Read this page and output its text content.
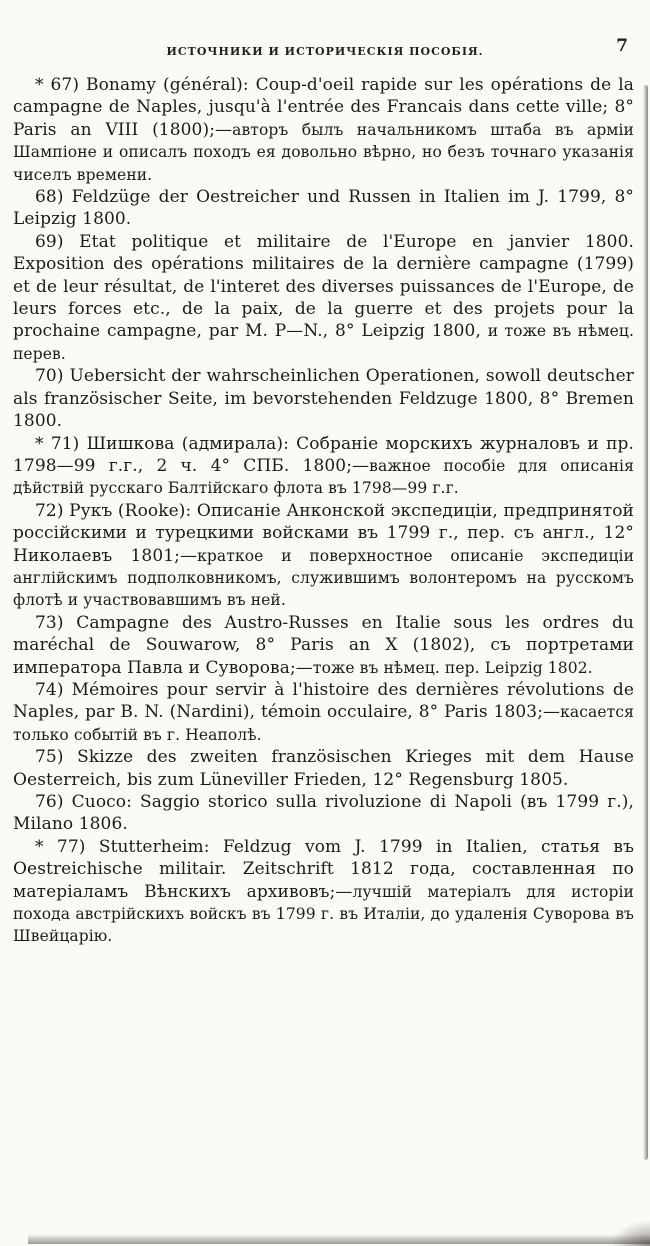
ИСТОЧНИКИ И ИСТОРИЧЕСКІЯ ПОСОБІЯ.	7

* 67) Bonamy (général): Coup-d'oeil rapide sur les opérations de la campagne de Naples, jusqu'à l'entrée des Francais dans cette ville; 8° Paris an VIII (1800);—авторъ былъ начальникомъ штаба въ арміи Шампіоне и описалъ походъ ея довольно вѣрно, но безъ точнаго указанія чиселъ времени.

68) Feldzüge der Oestreicher und Russen in Italien im J. 1799, 8° Leipzig 1800.

69) Etat politique et militaire de l'Europe en janvier 1800. Exposition des opérations militaires de la dernière campagne (1799) et de leur résultat, de l'interet des diverses puissances de l'Europe, de leurs forces etc., de la paix, de la guerre et des projets pour la prochaine campagne, par M. P—N., 8° Leipzig 1800, и тоже въ нѣмец. перев.

70) Uebersicht der wahrscheinlichen Operationen, sowoll deutscher als französischer Seite, im bevorstehenden Feldzuge 1800, 8° Bremen 1800.

* 71) Шишкова (адмирала): Собраніе морскихъ журналовъ и пр. 1798—99 г.г., 2 ч. 4° СПБ. 1800;—важное пособіе для описанія дѣйствій русскаго Балтійскаго флота въ 1798—99 г.г.

72) Рукъ (Rooke): Описаніе Анконской экспедиціи, предпринятой россійскими и турецкими войсками въ 1799 г., пер. съ англ., 12° Николаевъ 1801;—краткое и поверхностное описаніе экспедиціи англійскимъ подполковникомъ, служившимъ волонтеромъ на русскомъ флотѣ и участвовавшимъ въ ней.

73) Campagne des Austro-Russes en Italie sous les ordres du maréchal de Souwarow, 8° Paris an X (1802), съ портретами императора Павла и Суворова;—тоже въ нѣмец. пер. Leipzig 1802.

74) Mémoires pour servir à l'histoire des dernières révolutions de Naples, par B. N. (Nardini), témoin occulaire, 8° Paris 1803;—касается только событій въ г. Неаполѣ.

75) Skizze des zweiten französischen Krieges mit dem Hause Oesterreich, bis zum Lüneviller Frieden, 12° Regensburg 1805.

76) Cuoco: Saggio storico sulla rivoluzione di Napoli (въ 1799 г.), Milano 1806.

* 77) Stutterheim: Feldzug vom J. 1799 in Italien, статья въ Oestreichische militair. Zeitschrift 1812 года, составленная по матеріаламъ Вѣнскихъ архивовъ;—лучшій матеріалъ для исторіи похода австрійскихъ войскъ въ 1799 г. въ Италіи, до удаленія Суворова въ Швейцарію.
